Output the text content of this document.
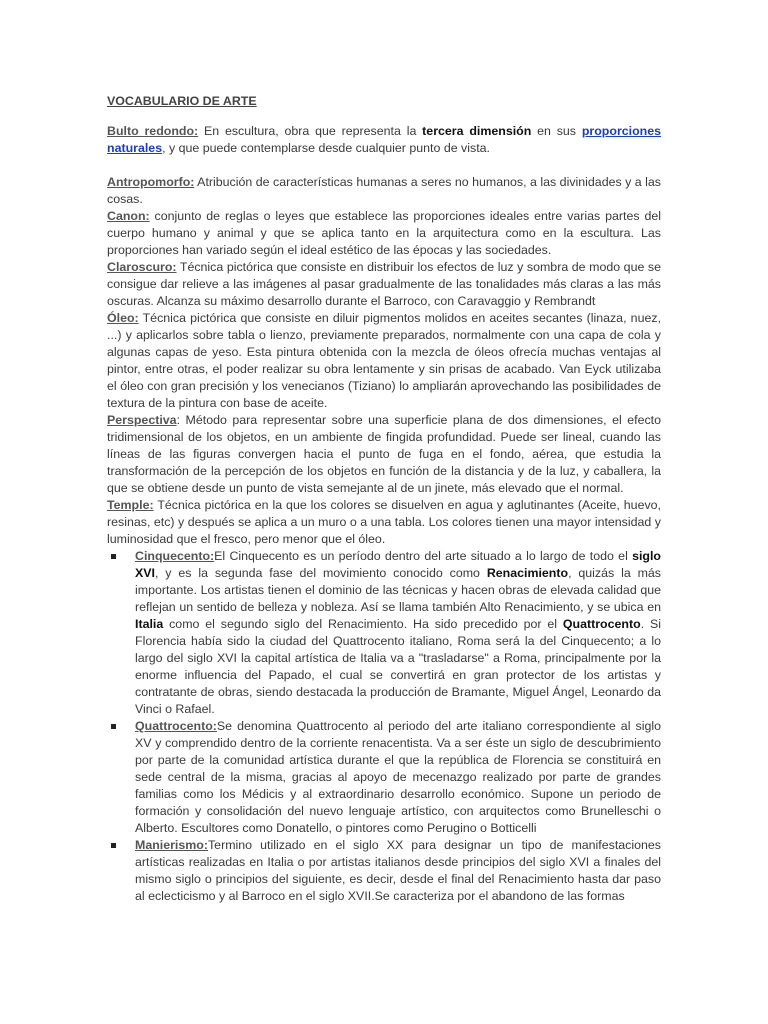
VOCABULARIO DE ARTE

Bulto redondo: En escultura, obra que representa la tercera dimensión en sus proporciones naturales, y que puede contemplarse desde cualquier punto de vista.

Antropomorfo: Atribución de características humanas a seres no humanos, a las divinidades y a las cosas.

Canon: conjunto de reglas o leyes que establece las proporciones ideales entre varias partes del cuerpo humano y animal y que se aplica tanto en la arquitectura como en la escultura. Las proporciones han variado según el ideal estético de las épocas y las sociedades.

Claroscuro: Técnica pictórica que consiste en distribuir los efectos de luz y sombra de modo que se consigue dar relieve a las imágenes al pasar gradualmente de las tonalidades más claras a las más oscuras. Alcanza su máximo desarrollo durante el Barroco, con Caravaggio y Rembrandt

Óleo: Técnica pictórica que consiste en diluir pigmentos molidos en aceites secantes (linaza, nuez, ...) y aplicarlos sobre tabla o lienzo, previamente preparados, normalmente con una capa de cola y algunas capas de yeso. Esta pintura obtenida con la mezcla de óleos ofrecía muchas ventajas al pintor, entre otras, el poder realizar su obra lentamente y sin prisas de acabado. Van Eyck utilizaba el óleo con gran precisión y los venecianos (Tiziano) lo ampliarán aprovechando las posibilidades de textura de la pintura con base de aceite.

Perspectiva: Método para representar sobre una superficie plana de dos dimensiones, el efecto tridimensional de los objetos, en un ambiente de fingida profundidad. Puede ser lineal, cuando las líneas de las figuras convergen hacia el punto de fuga en el fondo, aérea, que estudia la transformación de la percepción de los objetos en función de la distancia y de la luz, y caballera, la que se obtiene desde un punto de vista semejante al de un jinete, más elevado que el normal.

Temple: Técnica pictórica en la que los colores se disuelven en agua y aglutinantes (Aceite, huevo, resinas, etc) y después se aplica a un muro o a una tabla. Los colores tienen una mayor intensidad y luminosidad que el fresco, pero menor que el óleo.

Cinquecento:El Cinquecento es un período dentro del arte situado a lo largo de todo el siglo XVI, y es la segunda fase del movimiento conocido como Renacimiento, quizás la más importante. Los artistas tienen el dominio de las técnicas y hacen obras de elevada calidad que reflejan un sentido de belleza y nobleza. Así se llama también Alto Renacimiento, y se ubica en Italia como el segundo siglo del Renacimiento. Ha sido precedido por el Quattrocento. Si Florencia había sido la ciudad del Quattrocento italiano, Roma será la del Cinquecento; a lo largo del siglo XVI la capital artística de Italia va a "trasladarse" a Roma, principalmente por la enorme influencia del Papado, el cual se convertirá en gran protector de los artistas y contratante de obras, siendo destacada la producción de Bramante, Miguel Ángel, Leonardo da Vinci o Rafael.
Quattrocento:Se denomina Quattrocento al periodo del arte italiano correspondiente al siglo XV y comprendido dentro de la corriente renacentista. Va a ser éste un siglo de descubrimiento por parte de la comunidad artística durante el que la república de Florencia se constituirá en sede central de la misma, gracias al apoyo de mecenazgo realizado por parte de grandes familias como los Médicis y al extraordinario desarrollo económico. Supone un periodo de formación y consolidación del nuevo lenguaje artístico, con arquitectos como Brunelleschi o Alberto. Escultores como Donatello, o pintores como Perugino o Botticelli
Manierismo:Termino utilizado en el siglo XX para designar un tipo de manifestaciones artísticas realizadas en Italia o por artistas italianos desde principios del siglo XVI a finales del mismo siglo o principios del siguiente, es decir, desde el final del Renacimiento hasta dar paso al eclecticismo y al Barroco en el siglo XVII.Se caracteriza por el abandono de las formas
